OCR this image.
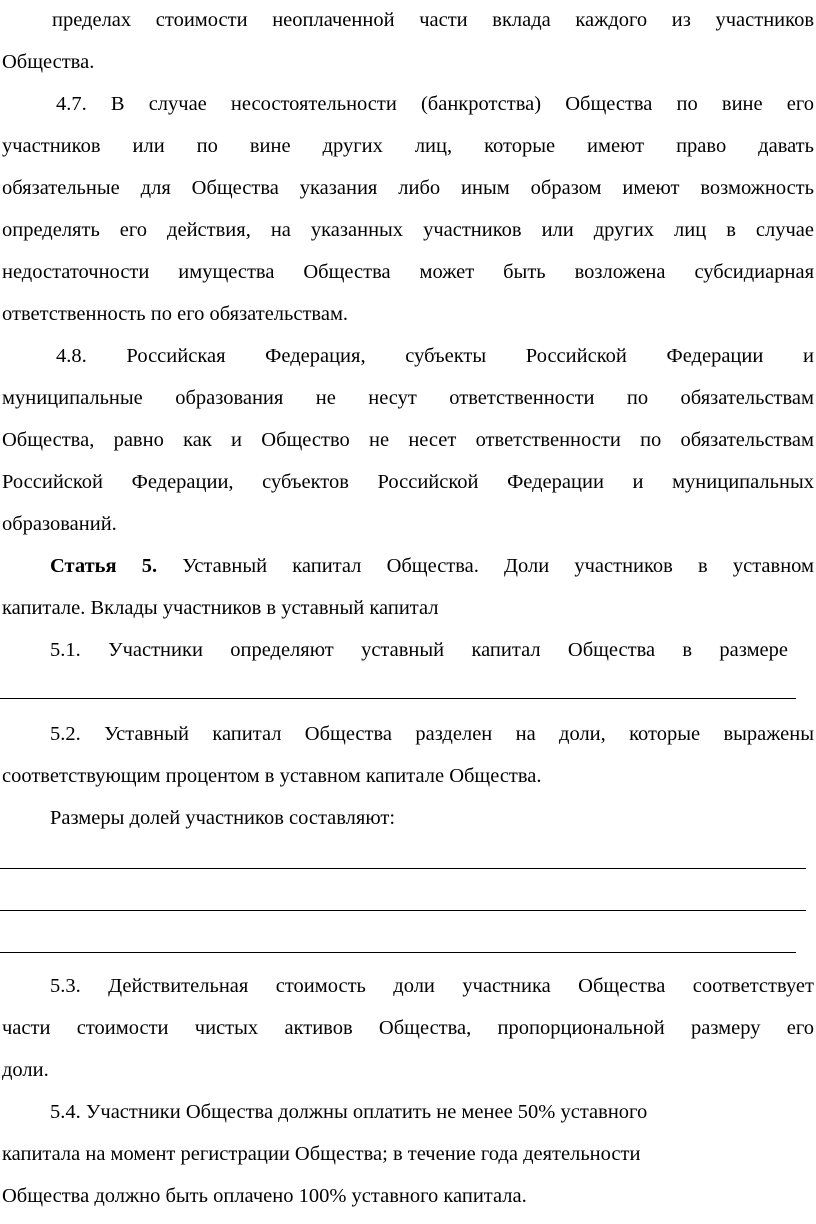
пределах стоимости неоплаченной части вклада каждого из участников
Общества.
4.7. В случае несостоятельности (банкротства) Общества по вине его
участников или по вине других лиц, которые имеют право давать
обязательные для Общества указания либо иным образом имеют возможность
определять его действия, на указанных участников или других лиц в случае
недостаточности имущества Общества может быть возложена субсидиарная
ответственность по его обязательствам.
4.8. Российская Федерация, субъекты Российской Федерации и
муниципальные образования не несут ответственности по обязательствам
Общества, равно как и Общество не несет ответственности по обязательствам
Российской Федерации, субъектов Российской Федерации и муниципальных
образований.
Статья 5. Уставный капитал Общества. Доли участников в уставном
капитале. Вклады участников в уставный капитал
5.1. Участники определяют уставный капитал Общества в размере
5.2. Уставный капитал Общества разделен на доли, которые выражены
соответствующим процентом в уставном капитале Общества.
Размеры долей участников составляют:
5.3. Действительная стоимость доли участника Общества соответствует
части стоимости чистых активов Общества, пропорциональной размеру его
доли.
5.4. Участники Общества должны оплатить не менее 50% уставного
капитала на момент регистрации Общества; в течение года деятельности
Общества должно быть оплачено 100% уставного капитала.
